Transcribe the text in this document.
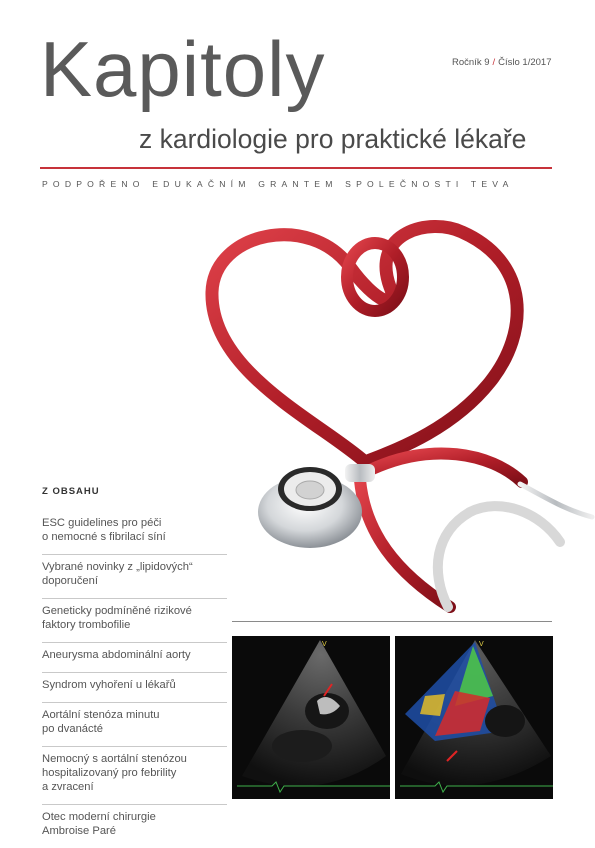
Kapitoly	Ročník 9 / Číslo 1/2017
z kardiologie pro praktické lékaře
PODPOŘENO EDUKAČNÍM GRANTEM SPOLEČNOSTI TEVA
Z OBSAHU
ESC guidelines pro péči
o nemocné s fibrilací síní
Vybrané novinky z „lipidových“
doporučení
Geneticky podmíněné rizikové
faktory trombofilie
Aneurysma abdominální aorty
Syndrom vyhoření u lékařů
Aortální stenóza minutu
po dvanácté
Nemocný s aortální stenózou
hospitalizovaný pro febrility
a zvracení
Otec moderní chirurgie
Ambroise Paré
V	V
